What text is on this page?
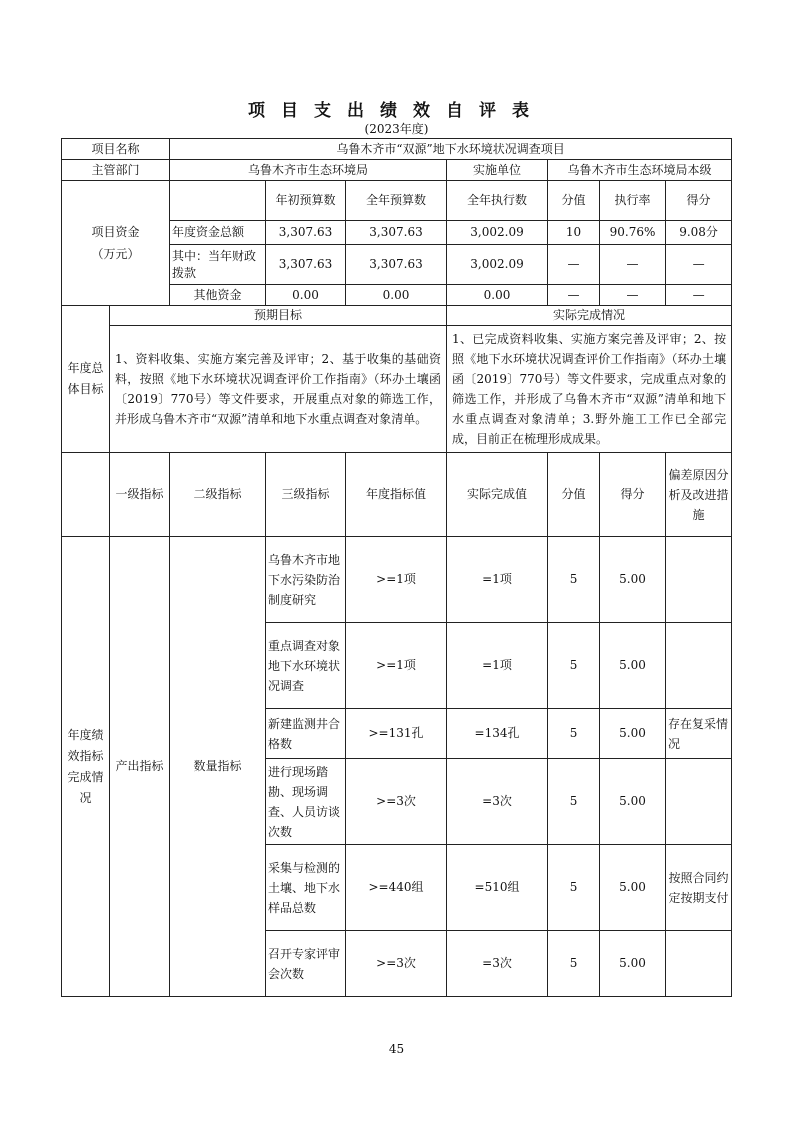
项目支出绩效自评表
(2023年度)
项目名称		乌鲁木齐市“双源”地下水环境状况调查项目						
主管部门		乌鲁木齐市生态环境局			实施单位	乌鲁木齐市生态环境局本级		
项目资金
（万元）			年初预算数	全年预算数	全年执行数	分值	执行率	得分
		年度资金总额	3,307.63	3,307.63	3,002.09	10	90.76%	9.08分
		其中：当年财政拨款	3,307.63	3,307.63	3,002.09	—	—	—
		其他资金	0.00	0.00	0.00	—	—	—
年度总体目标	预期目标				实际完成情况			
	1、资料收集、实施方案完善及评审；2、基于收集的基础资料，按照《地下水环境状况调查评价工作指南》（环办土壤函〔2019〕770号）等文件要求，开展重点对象的筛选工作，并形成乌鲁木齐市“双源”清单和地下水重点调查对象清单。				1、已完成资料收集、实施方案完善及评审；2、按照《地下水环境状况调查评价工作指南》（环办土壤函〔2019〕770号）等文件要求，完成重点对象的筛选工作，并形成了乌鲁木齐市“双源”清单和地下水重点调查对象清单；3.野外施工工作已全部完成，目前正在梳理形成成果。			
	一级指标	二级指标	三级指标	年度指标值	实际完成值	分值	得分	偏差原因分析及改进措施
年度绩效指标完成情况	产出指标	数量指标	乌鲁木齐市地下水污染防治制度研究	>=1项	=1项	5	5.00	
			重点调查对象地下水环境状况调查	>=1项	=1项	5	5.00	
			新建监测井合格数	>=131孔	=134孔	5	5.00	存在复采情况
			进行现场踏勘、现场调查、人员访谈次数	>=3次	=3次	5	5.00	
			采集与检测的土壤、地下水样品总数	>=440组	=510组	5	5.00	按照合同约定按期支付
			召开专家评审会次数	>=3次	=3次	5	5.00	
45
